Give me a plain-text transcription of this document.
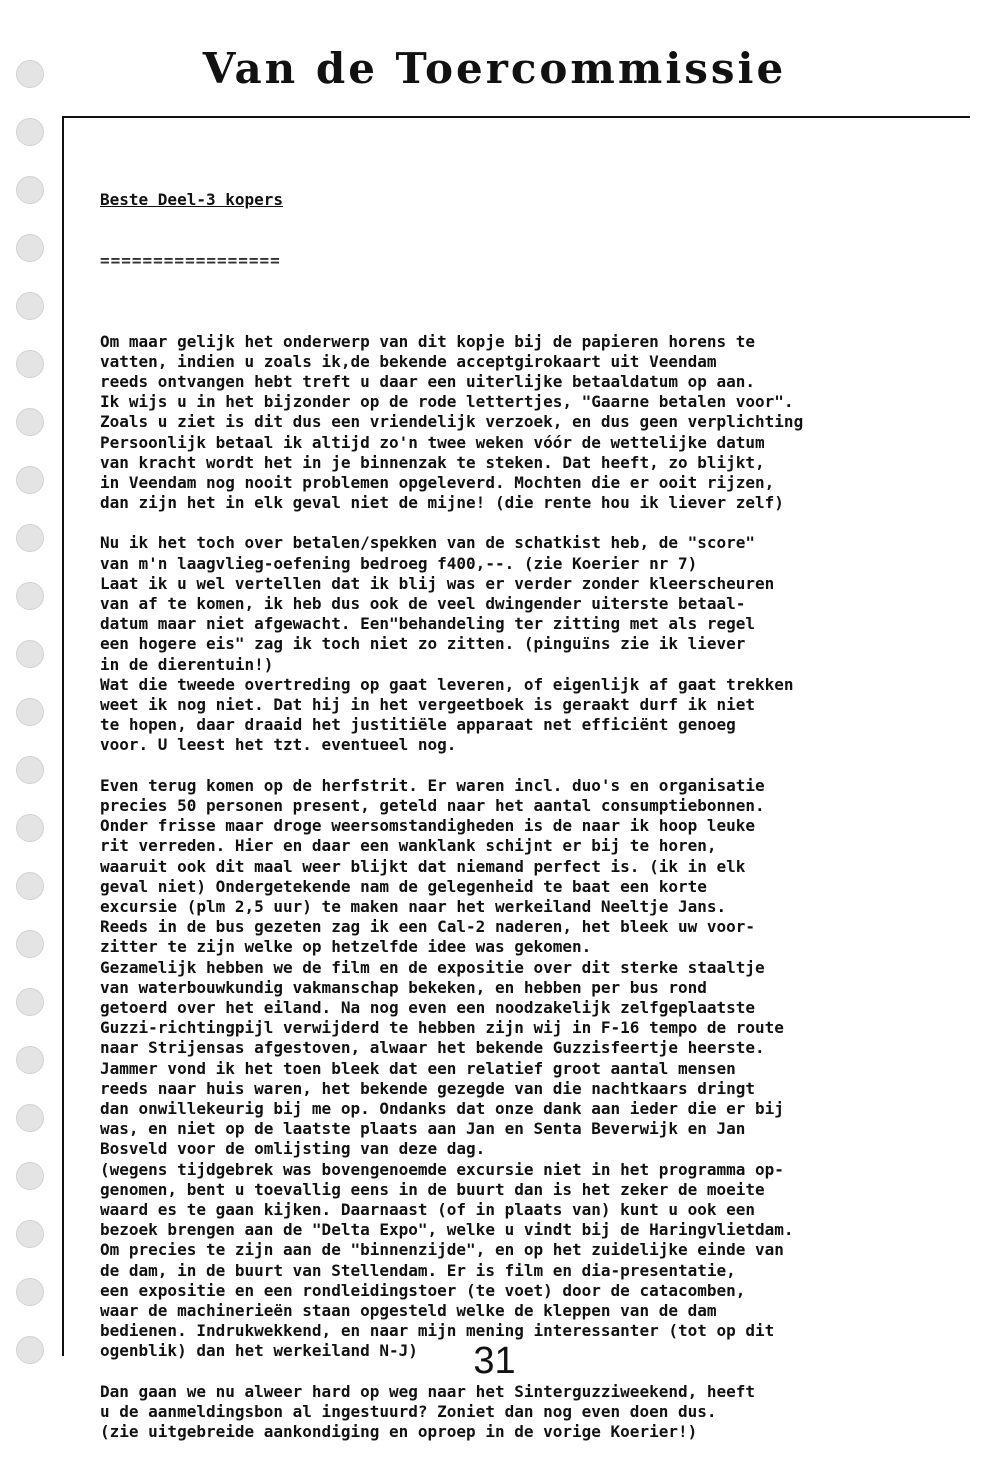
Van de Toercommissie

Beste Deel-3 kopers

=================

Om maar gelijk het onderwerp van dit kopje bij de papieren horens te
vatten, indien u zoals ik,de bekende acceptgirokaart uit Veendam
reeds ontvangen hebt treft u daar een uiterlijke betaaldatum op aan.
Ik wijs u in het bijzonder op de rode lettertjes, "Gaarne betalen voor".
Zoals u ziet is dit dus een vriendelijk verzoek, en dus geen verplichting
Persoonlijk betaal ik altijd zo'n twee weken vóór de wettelijke datum
van kracht wordt het in je binnenzak te steken. Dat heeft, zo blijkt,
in Veendam nog nooit problemen opgeleverd. Mochten die er ooit rijzen,
dan zijn het in elk geval niet de mijne! (die rente hou ik liever zelf)
Nu ik het toch over betalen/spekken van de schatkist heb, de "score"
van m'n laagvlieg-oefening bedroeg f400,--. (zie Koerier nr 7)
Laat ik u wel vertellen dat ik blij was er verder zonder kleerscheuren
van af te komen, ik heb dus ook de veel dwingender uiterste betaal-
datum maar niet afgewacht. Een"behandeling ter zitting met als regel
een hogere eis" zag ik toch niet zo zitten. (pinguïns zie ik liever
in de dierentuin!)
Wat die tweede overtreding op gaat leveren, of eigenlijk af gaat trekken
weet ik nog niet. Dat hij in het vergeetboek is geraakt durf ik niet
te hopen, daar draaid het justitiële apparaat net efficiënt genoeg
voor. U leest het tzt. eventueel nog.
Even terug komen op de herfstrit. Er waren incl. duo's en organisatie
precies 50 personen present, geteld naar het aantal consumptiebonnen.
Onder frisse maar droge weersomstandigheden is de naar ik hoop leuke
rit verreden. Hier en daar een wanklank schijnt er bij te horen,
waaruit ook dit maal weer blijkt dat niemand perfect is. (ik in elk
geval niet) Ondergetekende nam de gelegenheid te baat een korte
excursie (plm 2,5 uur) te maken naar het werkeiland Neeltje Jans.
Reeds in de bus gezeten zag ik een Cal-2 naderen, het bleek uw voor-
zitter te zijn welke op hetzelfde idee was gekomen.
Gezamelijk hebben we de film en de expositie over dit sterke staaltje
van waterbouwkundig vakmanschap bekeken, en hebben per bus rond
getoerd over het eiland. Na nog even een noodzakelijk zelfgeplaatste
Guzzi-richtingpijl verwijderd te hebben zijn wij in F-16 tempo de route
naar Strijensas afgestoven, alwaar het bekende Guzzisfeertje heerste.
Jammer vond ik het toen bleek dat een relatief groot aantal mensen
reeds naar huis waren, het bekende gezegde van die nachtkaars dringt
dan onwillekeurig bij me op. Ondanks dat onze dank aan ieder die er bij
was, en niet op de laatste plaats aan Jan en Senta Beverwijk en Jan
Bosveld voor de omlijsting van deze dag.
(wegens tijdgebrek was bovengenoemde excursie niet in het programma op-
genomen, bent u toevallig eens in de buurt dan is het zeker de moeite
waard es te gaan kijken. Daarnaast (of in plaats van) kunt u ook een
bezoek brengen aan de "Delta Expo", welke u vindt bij de Haringvlietdam.
Om precies te zijn aan de "binnenzijde", en op het zuidelijke einde van
de dam, in de buurt van Stellendam. Er is film en dia-presentatie,
een expositie en een rondleidingstoer (te voet) door de catacomben,
waar de machinerieën staan opgesteld welke de kleppen van de dam
bedienen. Indrukwekkend, en naar mijn mening interessanter (tot op dit
ogenblik) dan het werkeiland N-J)
Dan gaan we nu alweer hard op weg naar het Sinterguzziweekend, heeft
u de aanmeldingsbon al ingestuurd? Zoniet dan nog even doen dus.
(zie uitgebreide aankondiging en oproep in de vorige Koerier!)

31
